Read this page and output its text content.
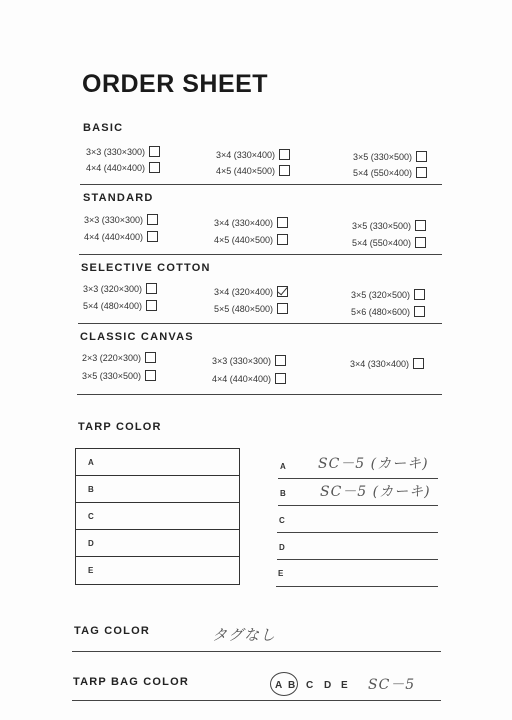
ORDER SHEET
BASIC
3×3 (330×300)
4×4 (440×400)
3×4 (330×400)
4×5 (440×500)
3×5 (330×500)
5×4 (550×400)
STANDARD
3×3 (330×300)
4×4 (440×400)
3×4 (330×400)
4×5 (440×500)
3×5 (330×500)
5×4 (550×400)
SELECTIVE COTTON
3×3 (320×300)
5×4 (480×400)
3×4 (320×400)
5×5 (480×500)
3×5 (320×500)
5×6 (480×600)
CLASSIC CANVAS
2×3 (220×300)
3×5 (330×500)
3×3 (330×300)
4×4 (440×400)
3×4 (330×400)
TARP COLOR
A
B
C
D
E
A SC－5 (カーキ)
B SC－5 (カーキ)
C
D
E
TAG COLOR	タグなし
TARP BAG COLOR	A B C D E SC－5
